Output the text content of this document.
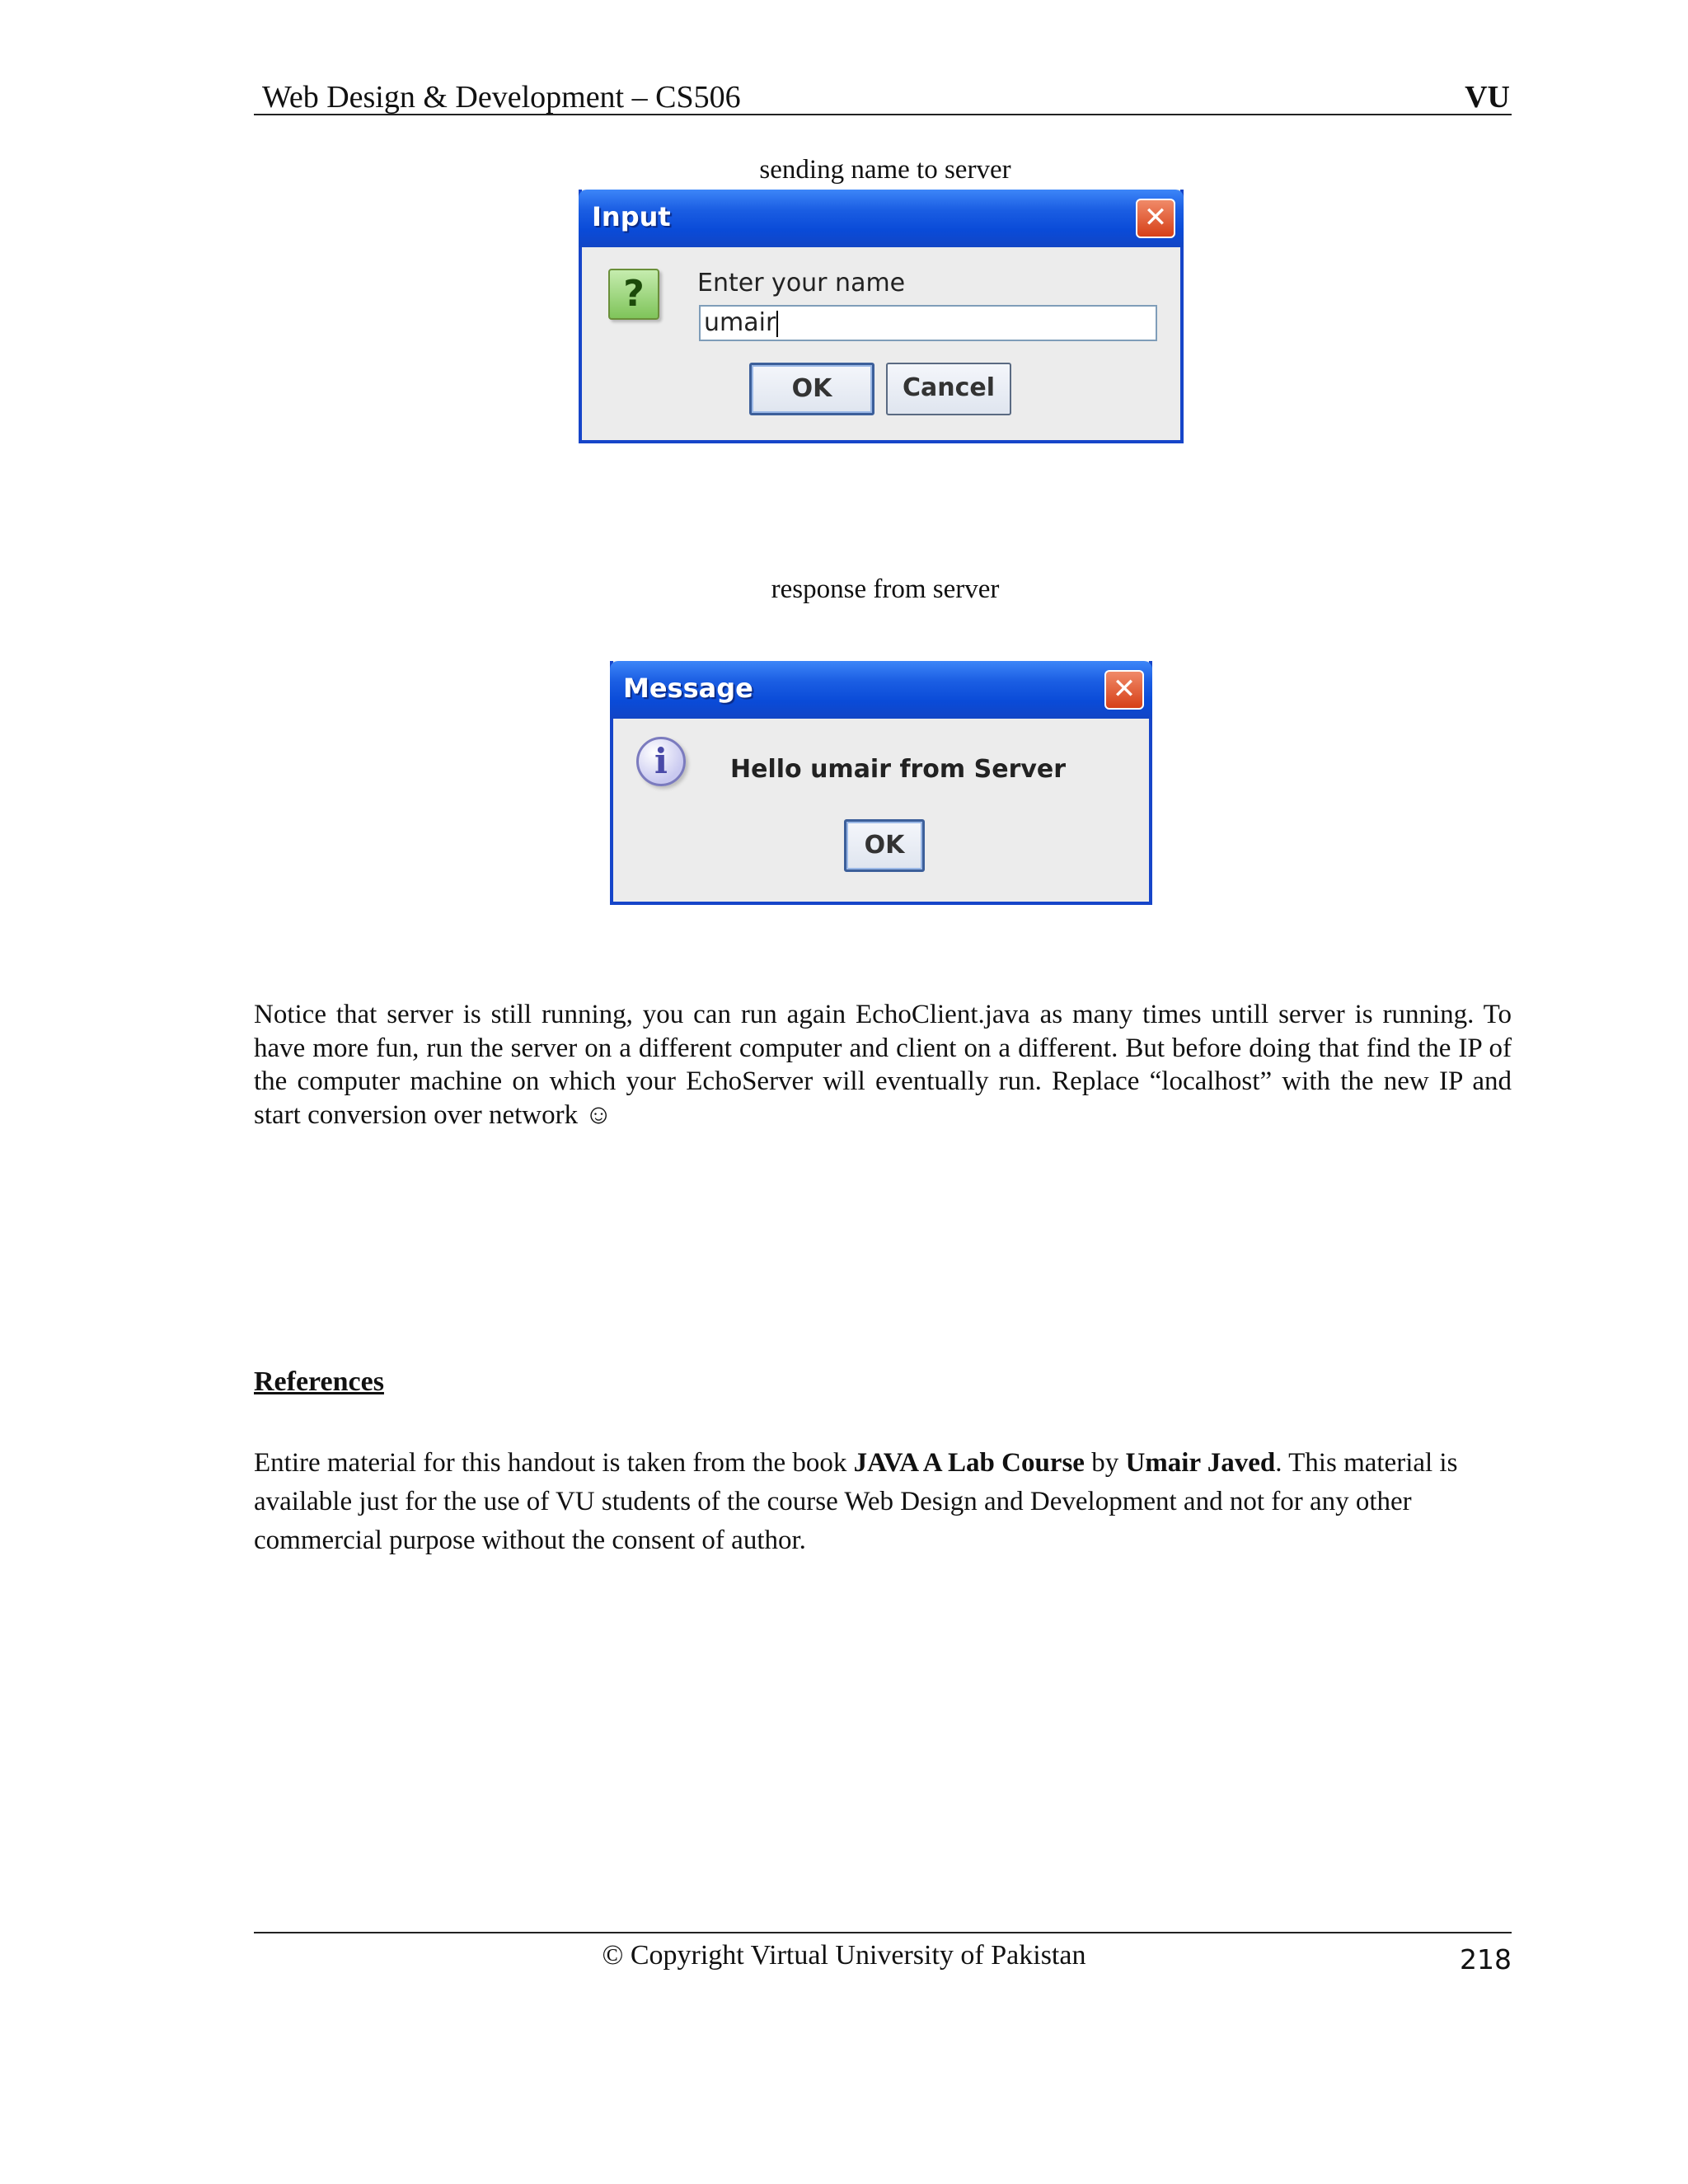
Web Design & Development – CS506	VU
sending name to server
Input	✕
?	Enter your name
umair
OK	Cancel
response from server
Message	✕
i	Hello umair from Server
OK
Notice that server is still running, you can run again EchoClient.java as many times untill server is running. To have more fun, run the server on a different computer and client on a different. But before doing that find the IP of the computer machine on which your EchoServer will eventually run. Replace “localhost” with the new IP and start conversion over network ☺
References
Entire material for this handout is taken from the book JAVA A Lab Course by Umair Javed. This material is available just for the use of VU students of the course Web Design and Development and not for any other commercial purpose without the consent of author.
© Copyright Virtual University of Pakistan	218
